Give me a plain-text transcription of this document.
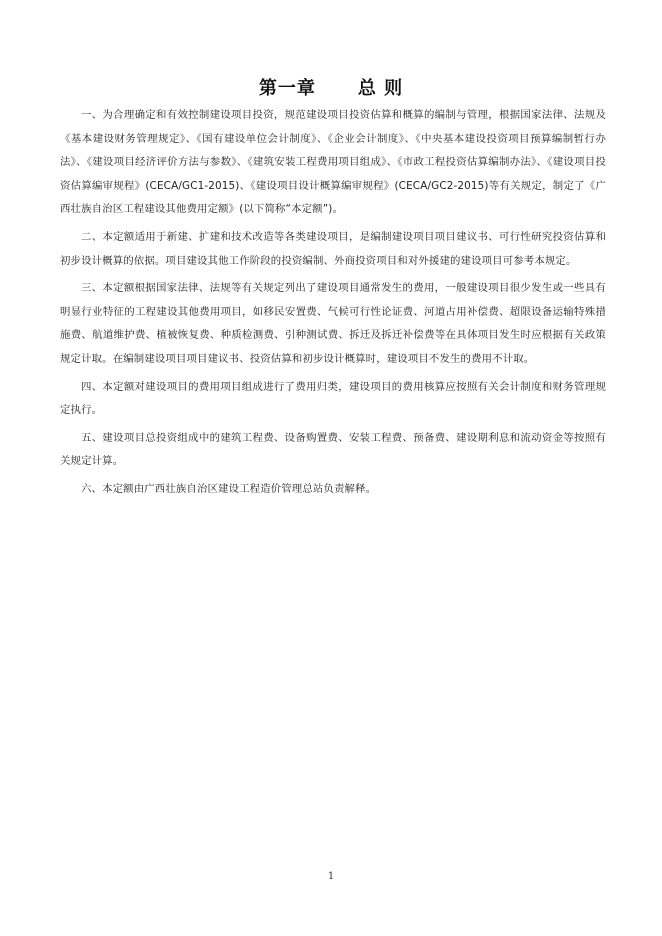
第一章 总 则

一、为合理确定和有效控制建设项目投资，规范建设项目投资估算和概算的编制与管理，根据国家法律、法规及《基本建设财务管理规定》、《国有建设单位会计制度》、《企业会计制度》、《中央基本建设投资项目预算编制暂行办法》、《建设项目经济评价方法与参数》、《建筑安装工程费用项目组成》、《市政工程投资估算编制办法》、《建设项目投资估算编审规程》(CECA/GC1-2015)、《建设项目设计概算编审规程》(CECA/GC2-2015)等有关规定，制定了《广西壮族自治区工程建设其他费用定额》(以下简称“本定额”)。

二、本定额适用于新建、扩建和技术改造等各类建设项目，是编制建设项目项目建议书、可行性研究投资估算和初步设计概算的依据。项目建设其他工作阶段的投资编制、外商投资项目和对外援建的建设项目可参考本规定。

三、本定额根据国家法律、法规等有关规定列出了建设项目通常发生的费用，一般建设项目很少发生或一些具有明显行业特征的工程建设其他费用项目，如移民安置费、气候可行性论证费、河道占用补偿费、超限设备运输特殊措施费、航道维护费、植被恢复费、种质检测费、引种测试费、拆迁及拆迁补偿费等在具体项目发生时应根据有关政策规定计取。在编制建设项目项目建议书、投资估算和初步设计概算时，建设项目不发生的费用不计取。

四、本定额对建设项目的费用项目组成进行了费用归类，建设项目的费用核算应按照有关会计制度和财务管理规定执行。

五、建设项目总投资组成中的建筑工程费、设备购置费、安装工程费、预备费、建设期利息和流动资金等按照有关规定计算。

六、本定额由广西壮族自治区建设工程造价管理总站负责解释。

1
